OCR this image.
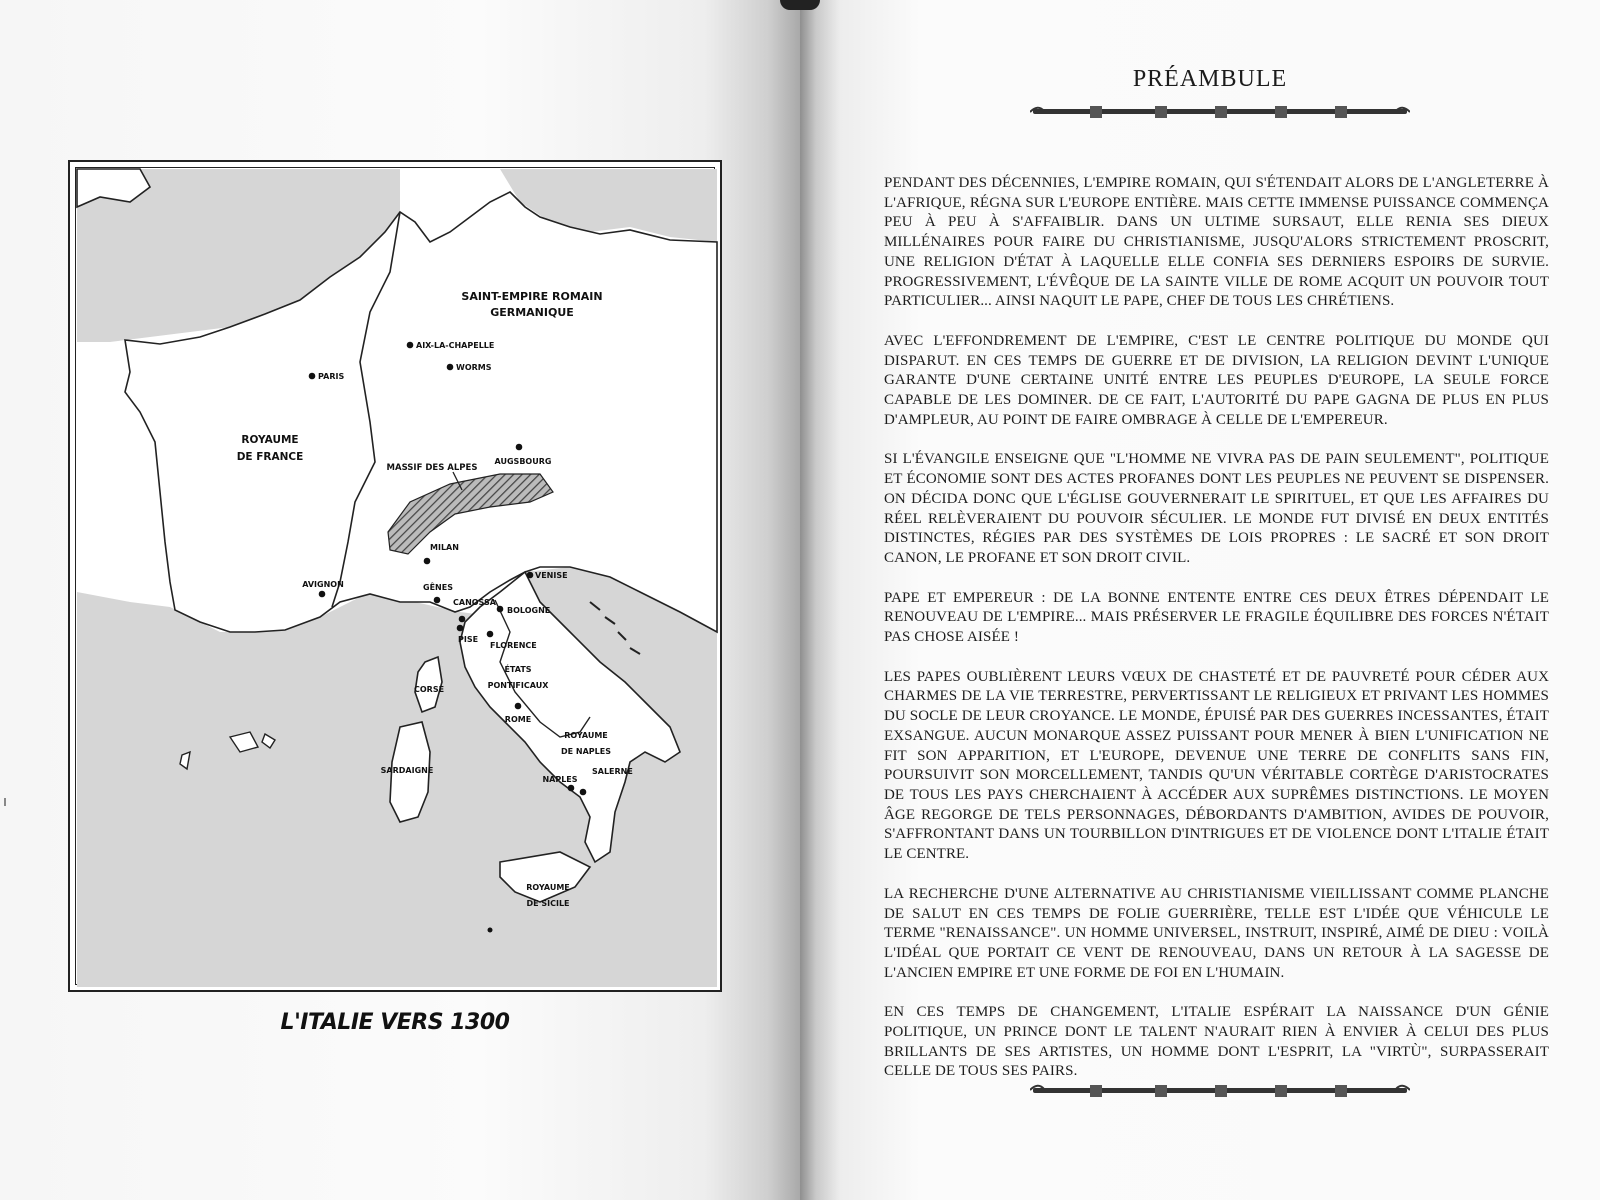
SAINT-EMPIRE ROMAIN
GERMANIQUE
AIX-LA-CHAPELLE
WORMS
PARIS
ROYAUME
DE FRANCE
MASSIF DES ALPES
AUGSBOURG
MILAN
AVIGNON	GÊNES
VENISE
CANOSSA
BOLOGNE
PISE
FLORENCE
ÉTATS
PONTIFICAUX
CORSE
ROME
ROYAUME
DE NAPLES
SARDAIGNE
NAPLES
SALERNE
ROYAUME
DE SICILE
L'ITALIE VERS 1300
PRÉAMBULE

PENDANT DES DÉCENNIES, L'EMPIRE ROMAIN, QUI S'ÉTENDAIT ALORS DE L'ANGLETERRE À L'AFRIQUE, RÉGNA SUR L'EUROPE ENTIÈRE. MAIS CETTE IMMENSE PUISSANCE COMMENÇA PEU À PEU À S'AFFAIBLIR. DANS UN ULTIME SURSAUT, ELLE RENIA SES DIEUX MILLÉNAIRES POUR FAIRE DU CHRISTIANISME, JUSQU'ALORS STRICTEMENT PROSCRIT, UNE RELIGION D'ÉTAT À LAQUELLE ELLE CONFIA SES DERNIERS ESPOIRS DE SURVIE. PROGRESSIVEMENT, L'ÉVÊQUE DE LA SAINTE VILLE DE ROME ACQUIT UN POUVOIR TOUT PARTICULIER... AINSI NAQUIT LE PAPE, CHEF DE TOUS LES CHRÉTIENS.

AVEC L'EFFONDREMENT DE L'EMPIRE, C'EST LE CENTRE POLITIQUE DU MONDE QUI DISPARUT. EN CES TEMPS DE GUERRE ET DE DIVISION, LA RELIGION DEVINT L'UNIQUE GARANTE D'UNE CERTAINE UNITÉ ENTRE LES PEUPLES D'EUROPE, LA SEULE FORCE CAPABLE DE LES DOMINER. DE CE FAIT, L'AUTORITÉ DU PAPE GAGNA DE PLUS EN PLUS D'AMPLEUR, AU POINT DE FAIRE OMBRAGE À CELLE DE L'EMPEREUR.

SI L'ÉVANGILE ENSEIGNE QUE "L'HOMME NE VIVRA PAS DE PAIN SEULEMENT", POLITIQUE ET ÉCONOMIE SONT DES ACTES PROFANES DONT LES PEUPLES NE PEUVENT SE DISPENSER. ON DÉCIDA DONC QUE L'ÉGLISE GOUVERNERAIT LE SPIRITUEL, ET QUE LES AFFAIRES DU RÉEL RELÈVERAIENT DU POUVOIR SÉCULIER. LE MONDE FUT DIVISÉ EN DEUX ENTITÉS DISTINCTES, RÉGIES PAR DES SYSTÈMES DE LOIS PROPRES : LE SACRÉ ET SON DROIT CANON, LE PROFANE ET SON DROIT CIVIL.

PAPE ET EMPEREUR : DE LA BONNE ENTENTE ENTRE CES DEUX ÊTRES DÉPENDAIT LE RENOUVEAU DE L'EMPIRE... MAIS PRÉSERVER LE FRAGILE ÉQUILIBRE DES FORCES N'ÉTAIT PAS CHOSE AISÉE !

LES PAPES OUBLIÈRENT LEURS VŒUX DE CHASTETÉ ET DE PAUVRETÉ POUR CÉDER AUX CHARMES DE LA VIE TERRESTRE, PERVERTISSANT LE RELIGIEUX ET PRIVANT LES HOMMES DU SOCLE DE LEUR CROYANCE. LE MONDE, ÉPUISÉ PAR DES GUERRES INCESSANTES, ÉTAIT EXSANGUE. AUCUN MONARQUE ASSEZ PUISSANT POUR MENER À BIEN L'UNIFICATION NE FIT SON APPARITION, ET L'EUROPE, DEVENUE UNE TERRE DE CONFLITS SANS FIN, POURSUIVIT SON MORCELLEMENT, TANDIS QU'UN VÉRITABLE CORTÈGE D'ARISTOCRATES DE TOUS LES PAYS CHERCHAIENT À ACCÉDER AUX SUPRÊMES DISTINCTIONS. LE MOYEN ÂGE REGORGE DE TELS PERSONNAGES, DÉBORDANTS D'AMBITION, AVIDES DE POUVOIR, S'AFFRONTANT DANS UN TOURBILLON D'INTRIGUES ET DE VIOLENCE DONT L'ITALIE ÉTAIT LE CENTRE.

LA RECHERCHE D'UNE ALTERNATIVE AU CHRISTIANISME VIEILLISSANT COMME PLANCHE DE SALUT EN CES TEMPS DE FOLIE GUERRIÈRE, TELLE EST L'IDÉE QUE VÉHICULE LE TERME "RENAISSANCE". UN HOMME UNIVERSEL, INSTRUIT, INSPIRÉ, AIMÉ DE DIEU : VOILÀ L'IDÉAL QUE PORTAIT CE VENT DE RENOUVEAU, DANS UN RETOUR À LA SAGESSE DE L'ANCIEN EMPIRE ET UNE FORME DE FOI EN L'HUMAIN.

EN CES TEMPS DE CHANGEMENT, L'ITALIE ESPÉRAIT LA NAISSANCE D'UN GÉNIE POLITIQUE, UN PRINCE DONT LE TALENT N'AURAIT RIEN À ENVIER À CELUI DES PLUS BRILLANTS DE SES ARTISTES, UN HOMME DONT L'ESPRIT, LA "VIRTÙ", SURPASSERAIT CELLE DE TOUS SES PAIRS.
